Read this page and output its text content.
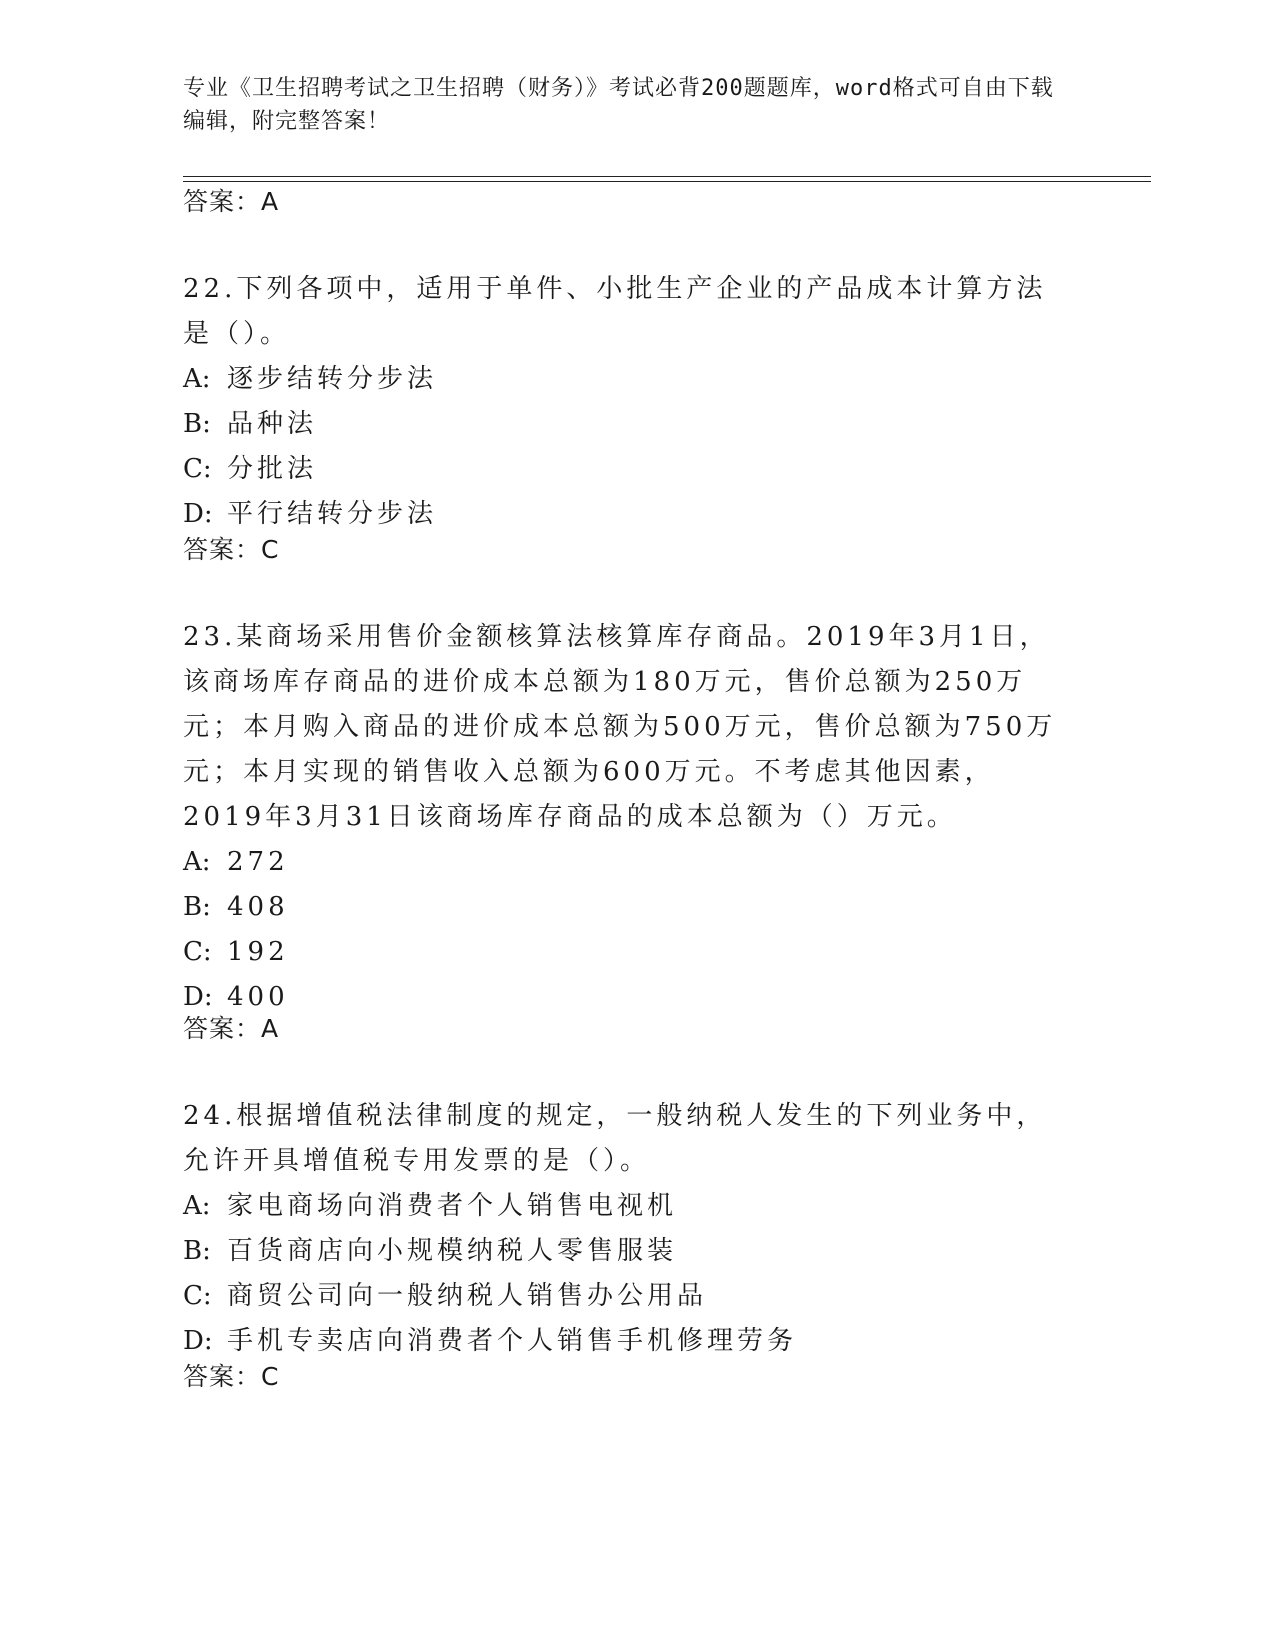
专业《卫生招聘考试之卫生招聘（财务）》考试必背200题题库，word格式可自由下载编辑，附完整答案！
答案：A

22.下列各项中，适用于单件、小批生产企业的产品成本计算方法是（）。

A: 逐步结转分步法
B: 品种法
C: 分批法
D: 平行结转分步法
答案：C

23.某商场采用售价金额核算法核算库存商品。2019年3月1日，该商场库存商品的进价成本总额为180万元，售价总额为250万元；本月购入商品的进价成本总额为500万元，售价总额为750万元；本月实现的销售收入总额为600万元。不考虑其他因素，2019年3月31日该商场库存商品的成本总额为（）万元。

A: 272
B: 408
C: 192
D: 400
答案：A

24.根据增值税法律制度的规定，一般纳税人发生的下列业务中，允许开具增值税专用发票的是（）。

A: 家电商场向消费者个人销售电视机
B: 百货商店向小规模纳税人零售服装
C: 商贸公司向一般纳税人销售办公用品
D: 手机专卖店向消费者个人销售手机修理劳务
答案：C
